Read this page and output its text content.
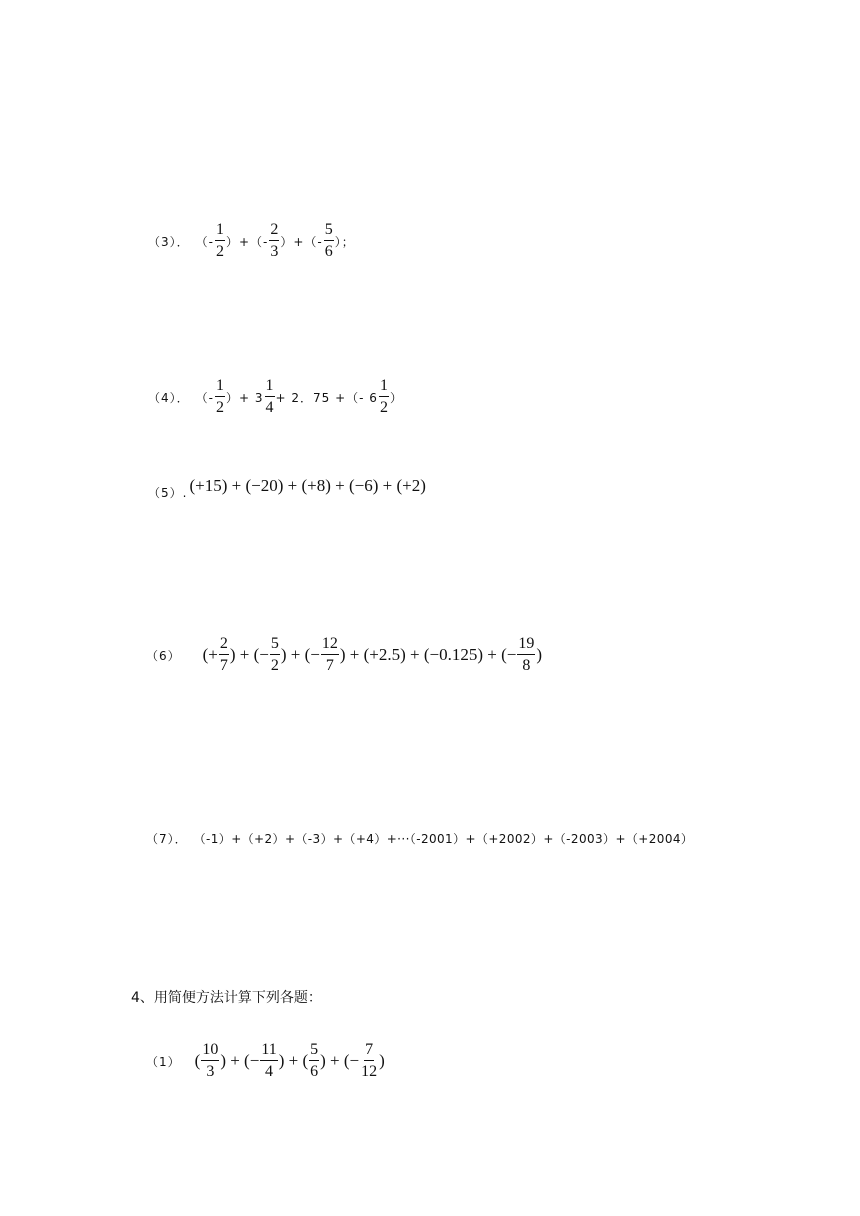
（3）． （- $\frac{1}{2}$ ）+（- $\frac{2}{3}$ ）+（- $\frac{5}{6}$ ）；
（4）． （- $\frac{1}{2}$ ）+ $3 \frac{1}{4} + 2$．75 +（- $6 \frac{1}{2}$ ）
（5）. (+15) + (−20) + (+8) + (−6) + (+2)
（6） (+ $\frac{2}{7}$ ) + (− $\frac{5}{2}$ ) + (− $\frac{12}{7}$ ) + (+2.5) + (−0.125) + (− $\frac{19}{8}$ )
（7）． （-1）+（+2）+（-3）+（+4）+···（-2001）+（+2002）+（-2003）+（+2004）
4、用简便方法计算下列各题：
（1） ( $\frac{10}{3}$ ) + (− $\frac{11}{4}$ ) + ( $\frac{5}{6}$ ) + (− $\frac{7}{12}$ )
